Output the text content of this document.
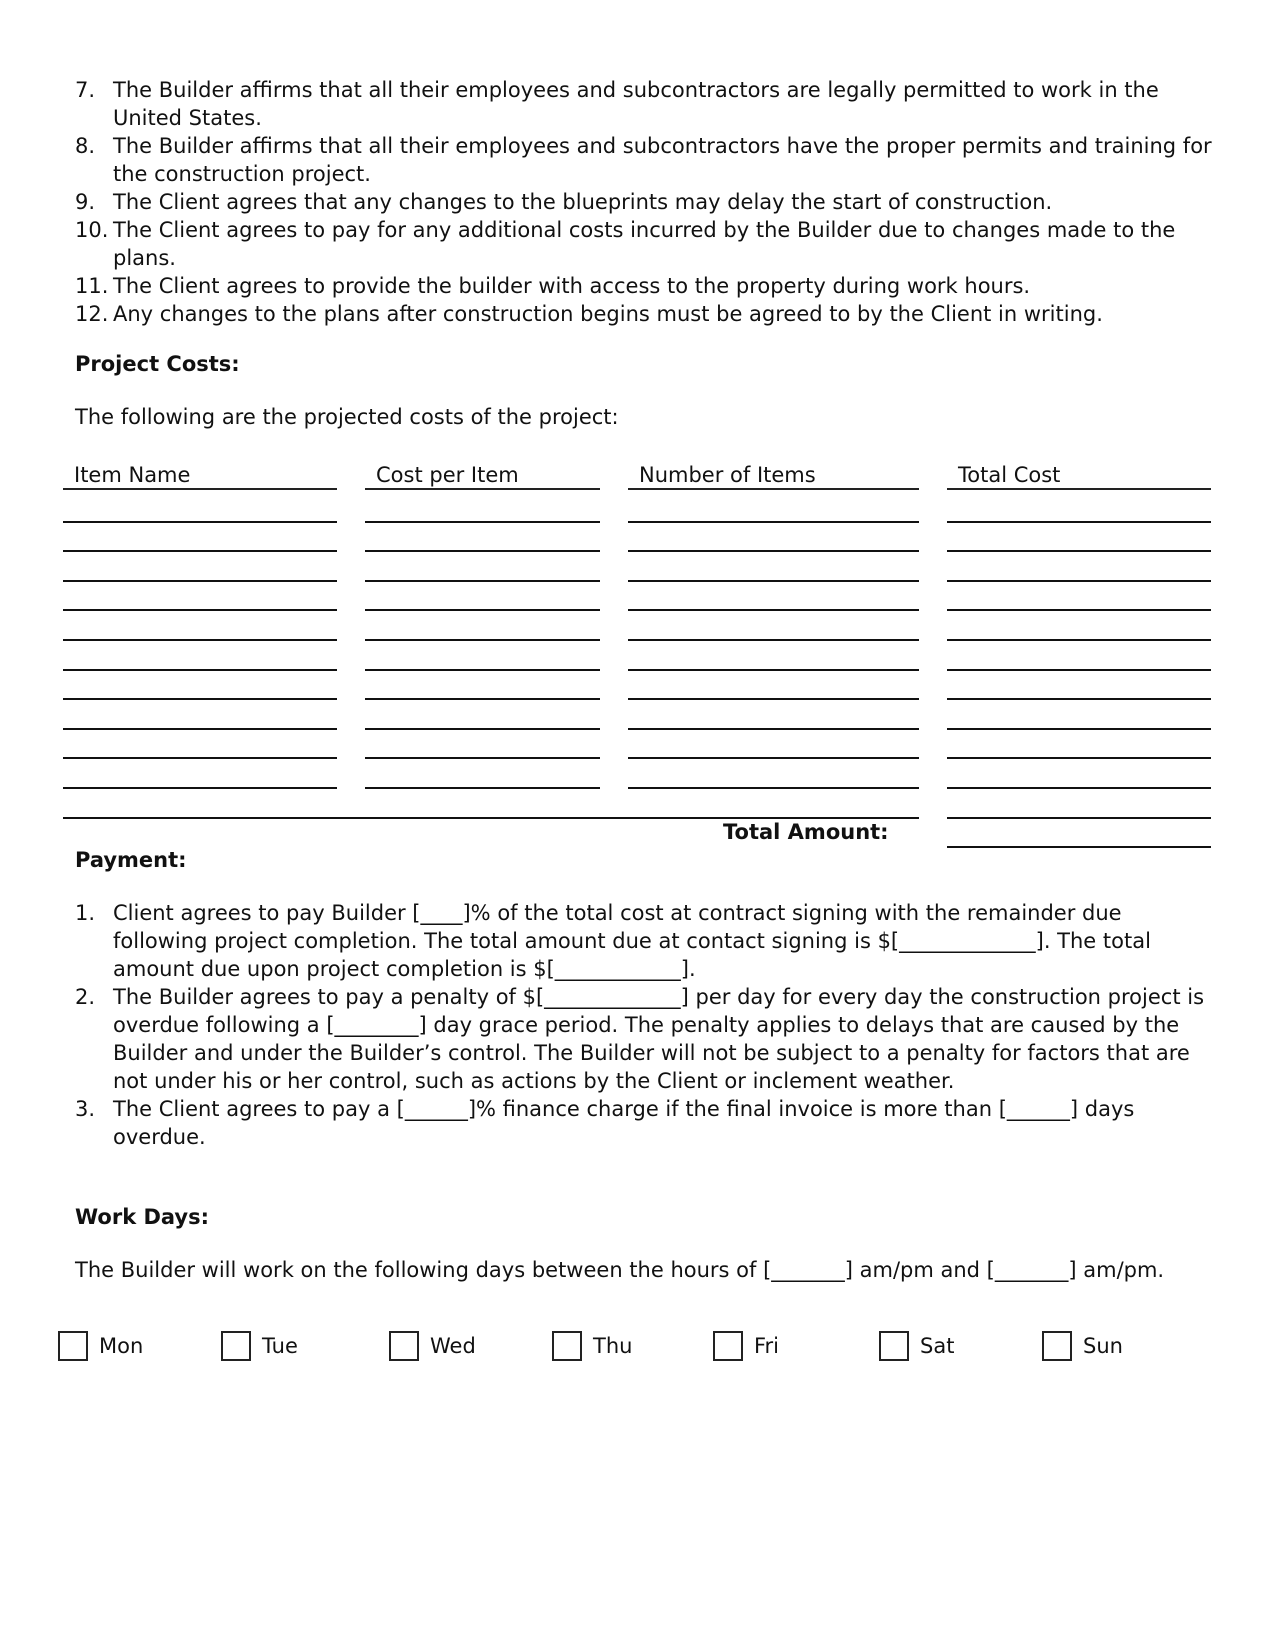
7. The Builder affirms that all their employees and subcontractors are legally permitted to work in the United States.
8. The Builder affirms that all their employees and subcontractors have the proper permits and training for the construction project.
9. The Client agrees that any changes to the blueprints may delay the start of construction.
10. The Client agrees to pay for any additional costs incurred by the Builder due to changes made to the plans.
11. The Client agrees to provide the builder with access to the property during work hours.
12. Any changes to the plans after construction begins must be agreed to by the Client in writing.
Project Costs:
The following are the projected costs of the project:
Item Name	Cost per Item	Number of Items	Total Cost
Total Amount:
Payment:
1. Client agrees to pay Builder [____]% of the total cost at contract signing with the remainder due following project completion. The total amount due at contact signing is $[_____________]. The total amount due upon project completion is $[____________].
2. The Builder agrees to pay a penalty of $[_____________] per day for every day the construction project is overdue following a [________] day grace period. The penalty applies to delays that are caused by the Builder and under the Builder’s control. The Builder will not be subject to a penalty for factors that are not under his or her control, such as actions by the Client or inclement weather.
3. The Client agrees to pay a [______]% finance charge if the final invoice is more than [______] days overdue.
Work Days:
The Builder will work on the following days between the hours of [_______] am/pm and [_______] am/pm.
Mon	Tue	Wed	Thu	Fri	Sat	Sun
